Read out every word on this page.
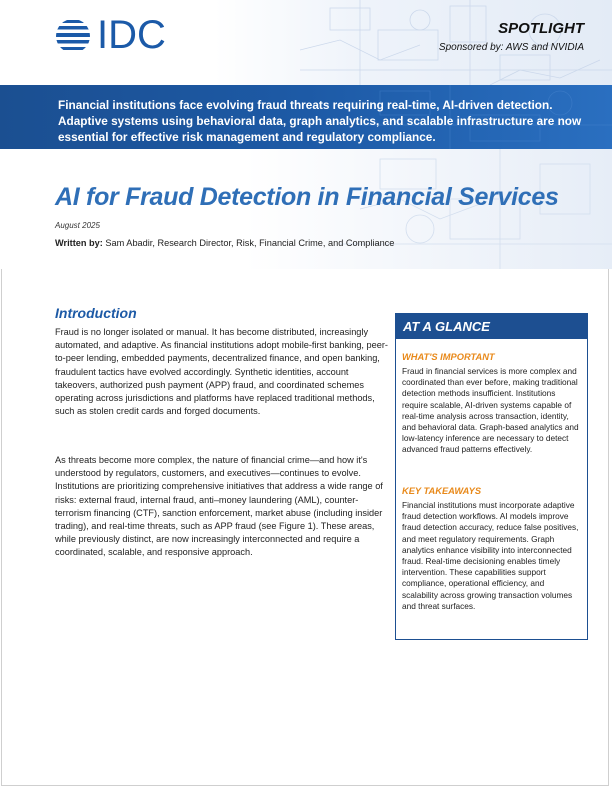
IDC	SPOTLIGHT
Sponsored by: AWS and NVIDIA
Financial institutions face evolving fraud threats requiring real-time, AI-driven detection. Adaptive systems using behavioral data, graph analytics, and scalable infrastructure are now essential for effective risk management and regulatory compliance.
AI for Fraud Detection in Financial Services
August 2025
Written by: Sam Abadir, Research Director, Risk, Financial Crime, and Compliance
Introduction
Fraud is no longer isolated or manual. It has become distributed, increasingly automated, and adaptive. As financial institutions adopt mobile-first banking, peer-to-peer lending, embedded payments, decentralized finance, and open banking, fraudulent tactics have evolved accordingly. Synthetic identities, account takeovers, authorized push payment (APP) fraud, and coordinated schemes operating across jurisdictions and platforms have replaced traditional methods, such as stolen credit cards and forged documents.
As threats become more complex, the nature of financial crime—and how it's understood by regulators, customers, and executives—continues to evolve. Institutions are prioritizing comprehensive initiatives that address a wide range of risks: external fraud, internal fraud, anti–money laundering (AML), counter-terrorism financing (CTF), sanction enforcement, market abuse (including insider trading), and real-time threats, such as APP fraud (see Figure 1). These areas, while previously distinct, are now increasingly interconnected and require a coordinated, scalable, and responsive approach.
AT A GLANCE
WHAT'S IMPORTANT
Fraud in financial services is more complex and coordinated than ever before, making traditional detection methods insufficient. Institutions require scalable, AI-driven systems capable of real-time analysis across transaction, identity, and behavioral data. Graph-based analytics and low-latency inference are necessary to detect advanced fraud patterns effectively.
KEY TAKEAWAYS
Financial institutions must incorporate adaptive fraud detection workflows. AI models improve fraud detection accuracy, reduce false positives, and meet regulatory requirements. Graph analytics enhance visibility into interconnected fraud. Real-time decisioning enables timely intervention. These capabilities support compliance, operational efficiency, and scalability across growing transaction volumes and threat surfaces.
